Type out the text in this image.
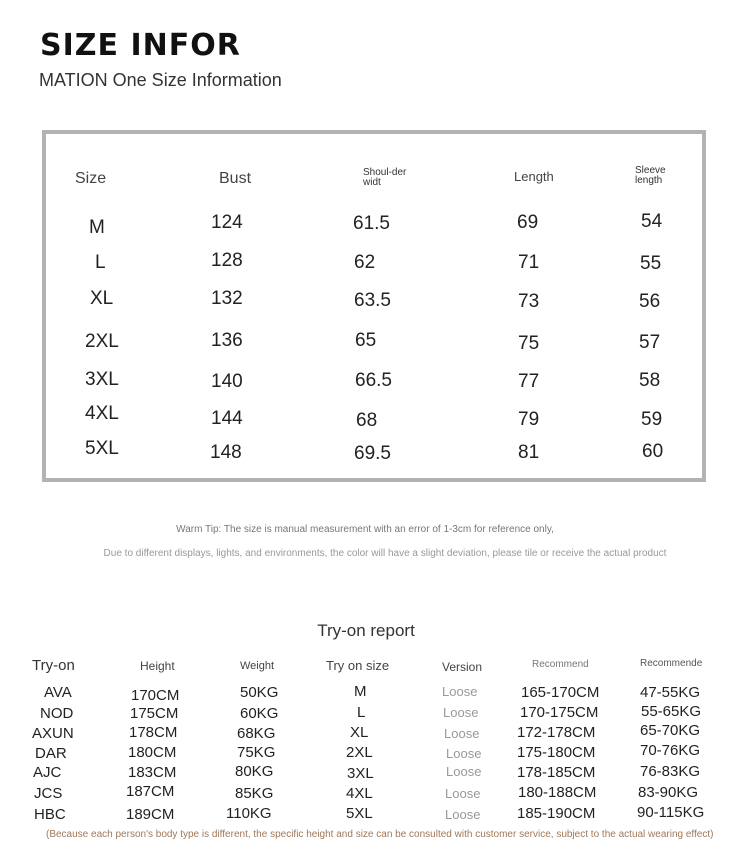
SIZE INFOR
MATION One Size Information
Size	Bust	Shoul-der widt	Length	Sleeve length
M	124	61.5	69	54
L	128	62	71	55
XL	132	63.5	73	56
2XL	136	65	75	57
3XL	140	66.5	77	58
4XL	144	68	79	59
5XL	148	69.5	81	60
Warm Tip: The size is manual measurement with an error of 1-3cm for reference only,
Due to different displays, lights, and environments, the color will have a slight deviation, please tile or receive the actual product
Try-on report
Try-on	Height	Weight	Try on size	Version	Recommend	Recommende
AVA	170CM	50KG	M	Loose	165-170CM	47-55KG
NOD	175CM	60KG	L	Loose	170-175CM	55-65KG
AXUN	178CM	68KG	XL	Loose	172-178CM	65-70KG
DAR	180CM	75KG	2XL	Loose 175-180CM	70-76KG
AJC	183CM	80KG	3XL	Loose 178-185CM	76-83KG
JCS	187CM	85KG	4XL	Loose	180-188CM	83-90KG
HBC	189CM	110KG	5XL	Loose 185-190CM	90-115KG
(Because each person's body type is different, the specific height and size can be consulted with customer service, subject to the actual wearing effect)
